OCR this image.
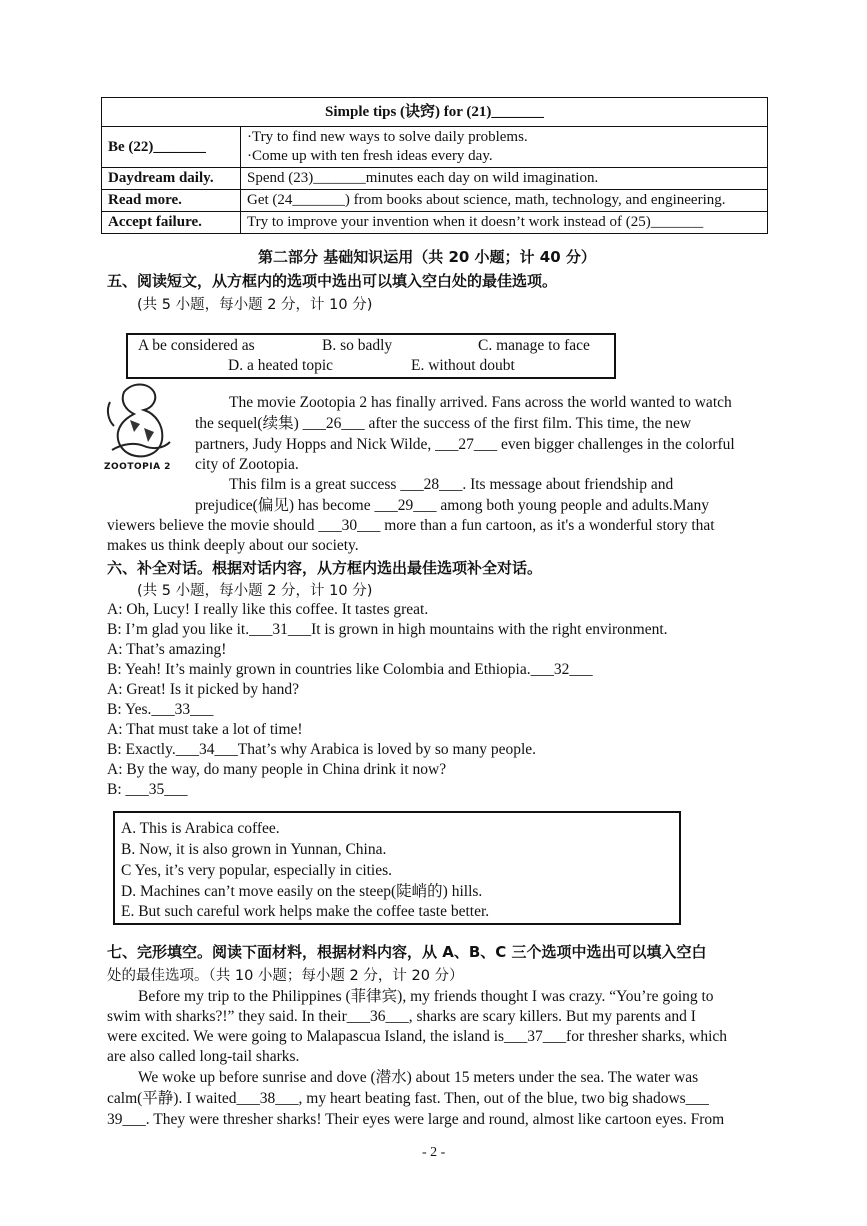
Simple tips (诀窍) for (21)_______	
Be (22)_______	·Try to find new ways to solve daily problems.
·Come up with ten fresh ideas every day.

Daydream daily.	Spend (23)_______minutes each day on wild imagination.
Read more.	Get (24_______) from books about science, math, technology, and engineering.
Accept failure.	Try to improve your invention when it doesn’t work instead of (25)_______
第二部分 基础知识运用（共 20 小题；计 40 分）
五、阅读短文，从方框内的选项中选出可以填入空白处的最佳选项。
(共 5 小题，每小题 2 分，计 10 分)
A be considered as	B. so badly	C. manage to face
D. a heated topic	E. without doubt
ZOOTOPIA 2
The movie Zootopia 2 has finally arrived. Fans across the world wanted to watch
the sequel(续集) ___26___ after the success of the first film. This time, the new
partners, Judy Hopps and Nick Wilde, ___27___ even bigger challenges in the colorful
city of Zootopia.
This film is a great success ___28___. Its message about friendship and
prejudice(偏见) has become ___29___ among both young people and adults.Many
viewers believe the movie should ___30___ more than a fun cartoon, as it's a wonderful story that
makes us think deeply about our society.
六、补全对话。根据对话内容，从方框内选出最佳选项补全对话。
(共 5 小题，每小题 2 分，计 10 分)
A: Oh, Lucy! I really like this coffee. It tastes great.
B: I’m glad you like it.___31___It is grown in high mountains with the right environment.
A: That’s amazing!
B: Yeah! It’s mainly grown in countries like Colombia and Ethiopia.___32___
A: Great! Is it picked by hand?
B: Yes.___33___
A: That must take a lot of time!
B: Exactly.___34___That’s why Arabica is loved by so many people.
A: By the way, do many people in China drink it now?
B: ___35___
A. This is Arabica coffee.
B. Now, it is also grown in Yunnan, China.
C Yes, it’s very popular, especially in cities.
D. Machines can’t move easily on the steep(陡峭的) hills.
E. But such careful work helps make the coffee taste better.
七、完形填空。阅读下面材料，根据材料内容，从 A、B、C 三个选项中选出可以填入空白
处的最佳选项。（共 10 小题；每小题 2 分，计 20 分）
Before my trip to the Philippines (菲律宾), my friends thought I was crazy. “You’re going to
swim with sharks?!” they said. In their___36___, sharks are scary killers. But my parents and I
were excited. We were going to Malapascua Island, the island is___37___for thresher sharks, which
are also called long-tail sharks.
We woke up before sunrise and dove (潜水) about 15 meters under the sea. The water was
calm(平静). I waited___38___, my heart beating fast. Then, out of the blue, two big shadows___
39___. They were thresher sharks! Their eyes were large and round, almost like cartoon eyes. From
- 2 -
